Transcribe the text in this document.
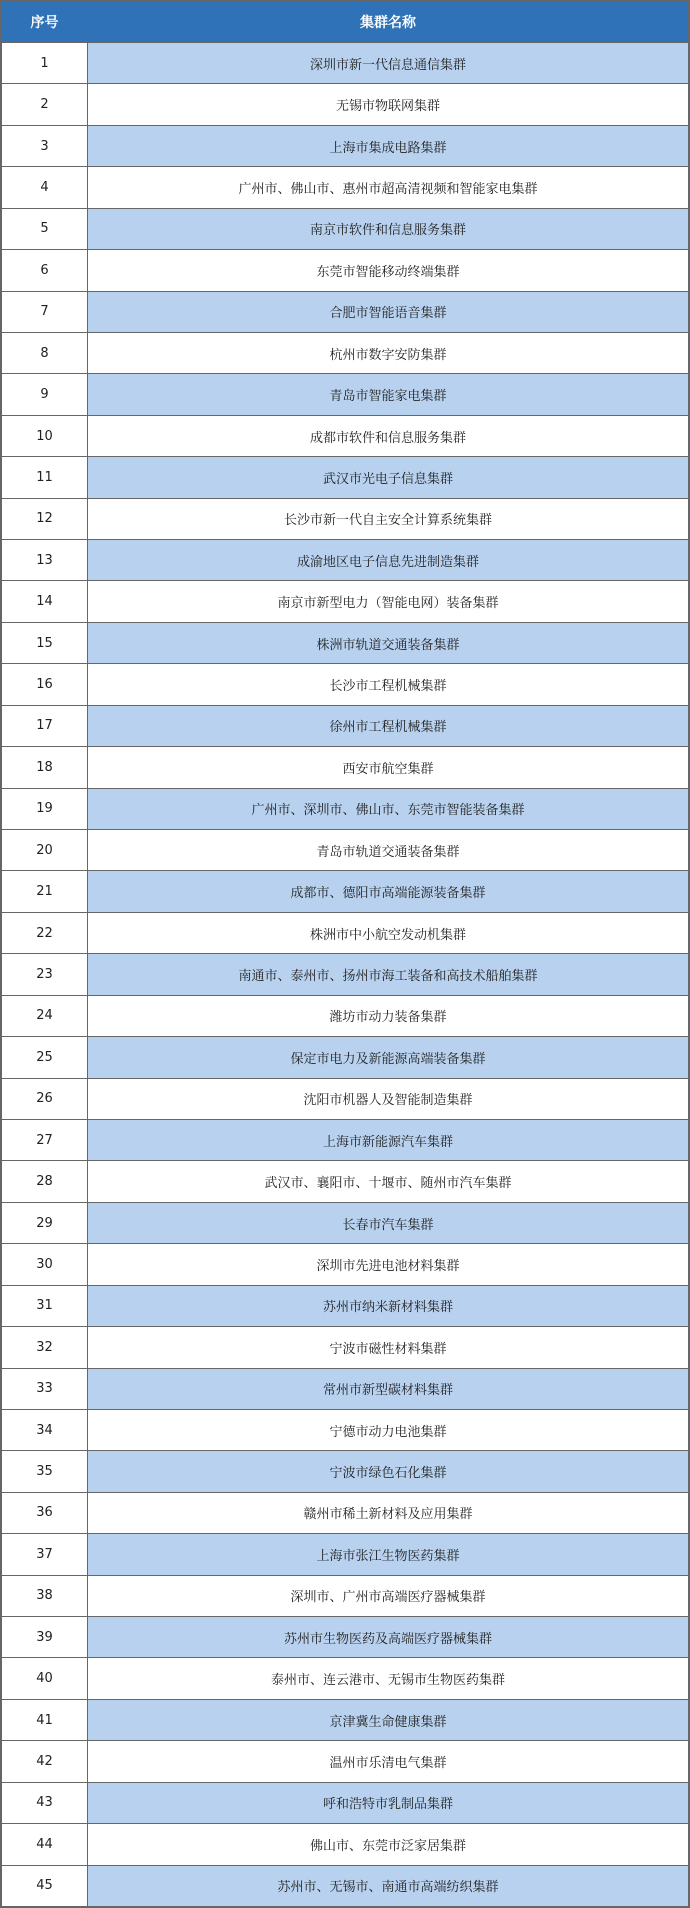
序号	集群名称
1	深圳市新一代信息通信集群
2	无锡市物联网集群
3	上海市集成电路集群
4	广州市、佛山市、惠州市超高清视频和智能家电集群
5	南京市软件和信息服务集群
6	东莞市智能移动终端集群
7	合肥市智能语音集群
8	杭州市数字安防集群
9	青岛市智能家电集群
10	成都市软件和信息服务集群
11	武汉市光电子信息集群
12	长沙市新一代自主安全计算系统集群
13	成渝地区电子信息先进制造集群
14	南京市新型电力（智能电网）装备集群
15	株洲市轨道交通装备集群
16	长沙市工程机械集群
17	徐州市工程机械集群
18	西安市航空集群
19	广州市、深圳市、佛山市、东莞市智能装备集群
20	青岛市轨道交通装备集群
21	成都市、德阳市高端能源装备集群
22	株洲市中小航空发动机集群
23	南通市、泰州市、扬州市海工装备和高技术船舶集群
24	潍坊市动力装备集群
25	保定市电力及新能源高端装备集群
26	沈阳市机器人及智能制造集群
27	上海市新能源汽车集群
28	武汉市、襄阳市、十堰市、随州市汽车集群
29	长春市汽车集群
30	深圳市先进电池材料集群
31	苏州市纳米新材料集群
32	宁波市磁性材料集群
33	常州市新型碳材料集群
34	宁德市动力电池集群
35	宁波市绿色石化集群
36	赣州市稀土新材料及应用集群
37	上海市张江生物医药集群
38	深圳市、广州市高端医疗器械集群
39	苏州市生物医药及高端医疗器械集群
40	泰州市、连云港市、无锡市生物医药集群
41	京津冀生命健康集群
42	温州市乐清电气集群
43	呼和浩特市乳制品集群
44	佛山市、东莞市泛家居集群
45	苏州市、无锡市、南通市高端纺织集群
